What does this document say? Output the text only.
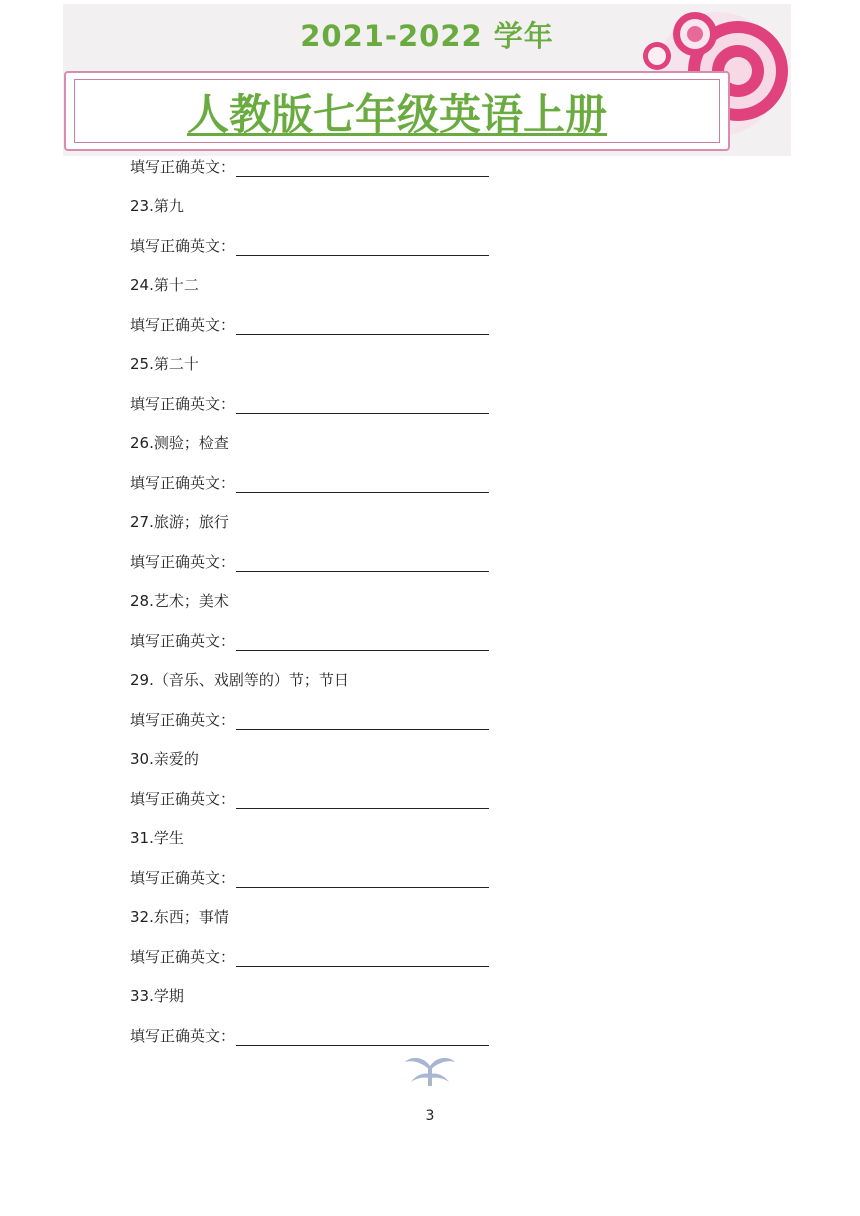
2021-2022 学年
人教版七年级英语上册
填写正确英文：
23.第九
填写正确英文：
24.第十二
填写正确英文：
25.第二十
填写正确英文：
26.测验；检查
填写正确英文：
27.旅游；旅行
填写正确英文：
28.艺术；美术
填写正确英文：
29.（音乐、戏剧等的）节；节日
填写正确英文：
30.亲爱的
填写正确英文：
31.学生
填写正确英文：
32.东西；事情
填写正确英文：
33.学期
填写正确英文：
3
